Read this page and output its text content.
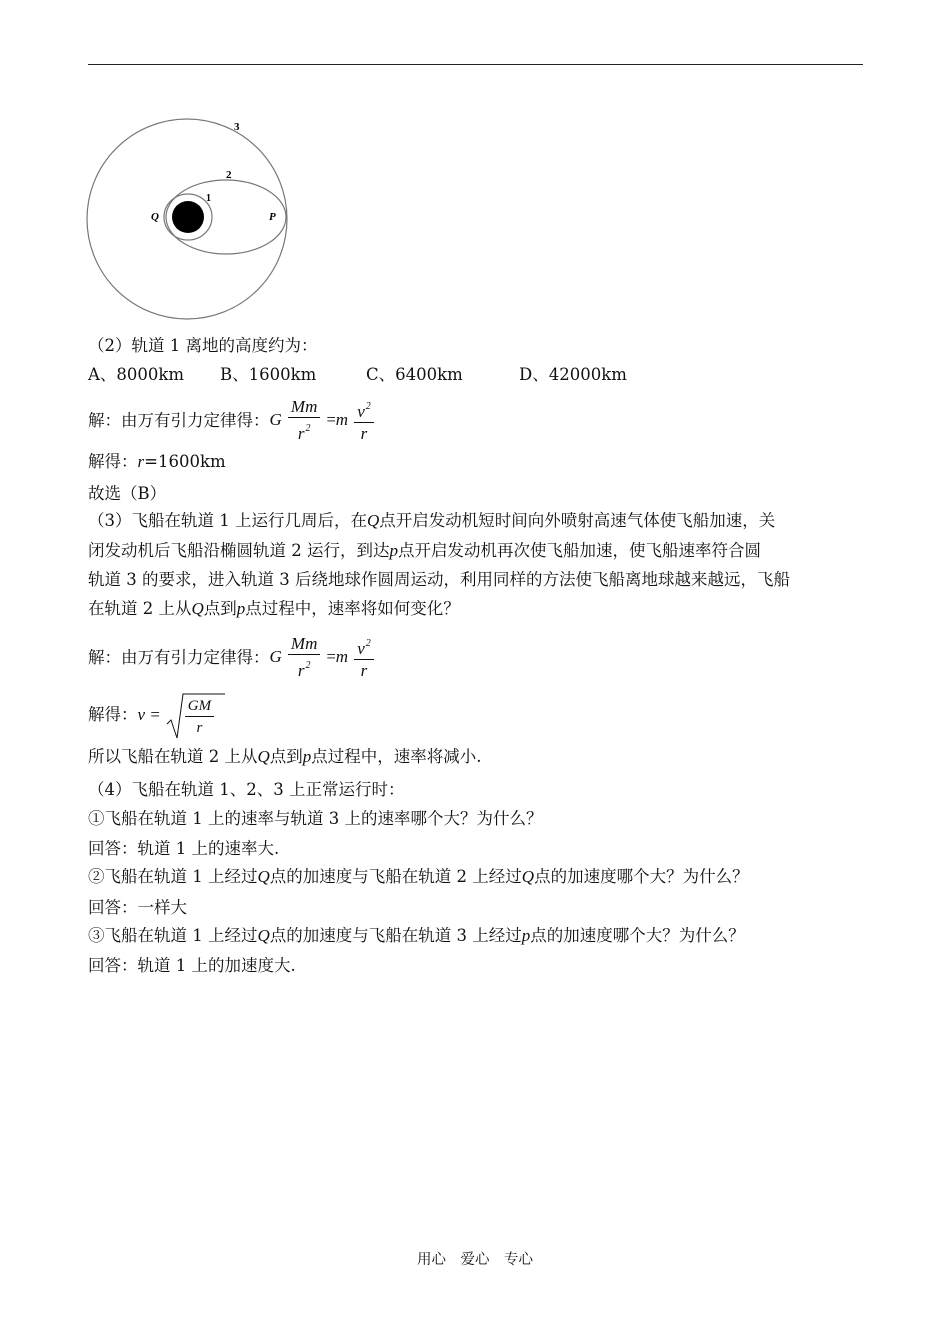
3
2
1
Q	P
（2）轨道 1 离地的高度约为：
A、8000km B、1600km	C、6400km	D、42000km
解：由万有引力定律得： G $\frac{Mm}{r^2} =m \frac{v^2}{r}$
解得：r=1600km
故选（B）
（3）飞船在轨道 1 上运行几周后，在Q点开启发动机短时间向外喷射高速气体使飞船加速，关
闭发动机后飞船沿椭圆轨道 2 运行，到达p点开启发动机再次使飞船加速，使飞船速率符合圆
轨道 3 的要求，进入轨道 3 后绕地球作圆周运动，利用同样的方法使飞船离地球越来越远，飞船
在轨道 2 上从Q点到p点过程中，速率将如何变化？
解：由万有引力定律得： G $\frac{Mm}{r^2} =m \frac{v^2}{r}$
解得： $v = \frac{GM}{r}$
所以飞船在轨道 2 上从Q点到p点过程中，速率将减小.
（4）飞船在轨道 1、2、3 上正常运行时：
①飞船在轨道 1 上的速率与轨道 3 上的速率哪个大？为什么？
回答：轨道 1 上的速率大.
②飞船在轨道 1 上经过Q点的加速度与飞船在轨道 2 上经过Q点的加速度哪个大？为什么？
回答：一样大
③飞船在轨道 1 上经过Q点的加速度与飞船在轨道 3 上经过p点的加速度哪个大？为什么？
回答：轨道 1 上的加速度大.
用心　爱心　专心
